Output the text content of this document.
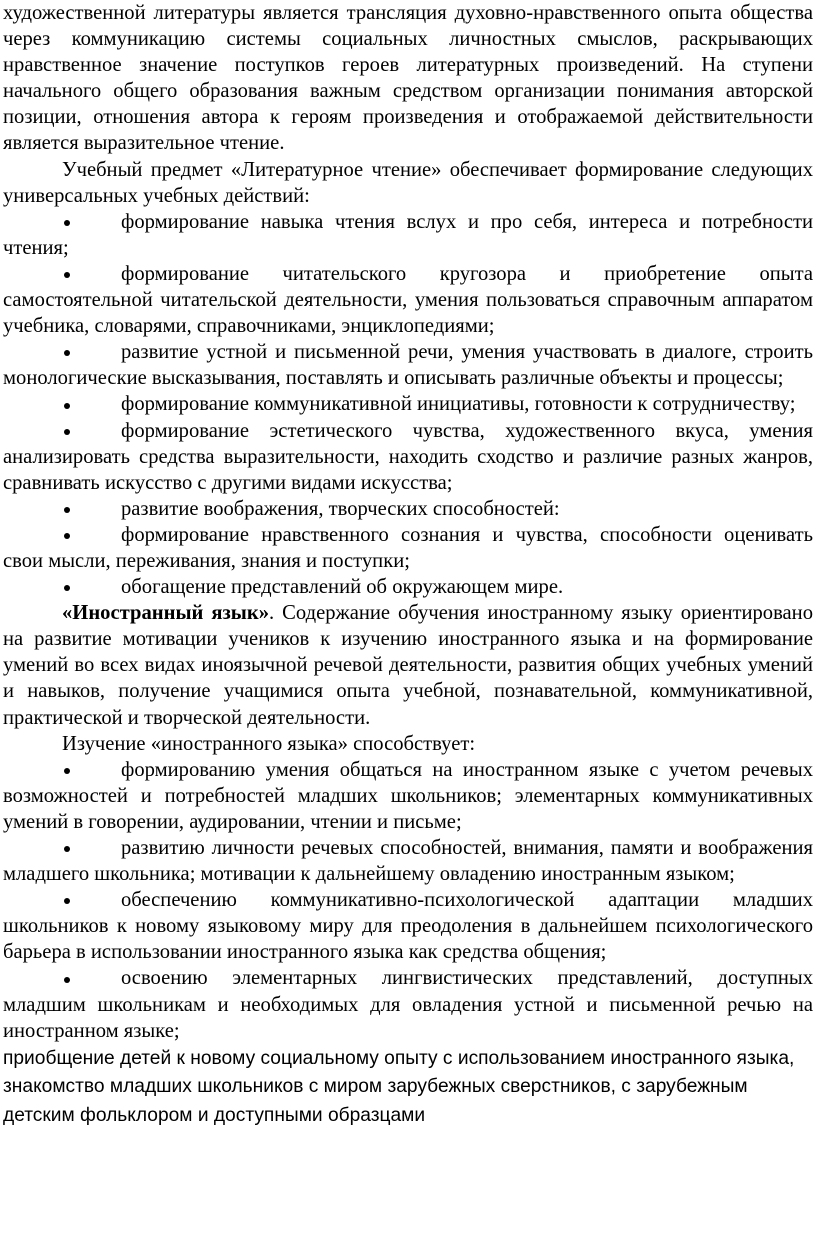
художественной литературы является трансляция духовно-нравственного опыта общества через коммуникацию системы социальных личностных смыслов, раскрывающих нравственное значение поступков героев литературных произведений. На ступени начального общего образования важным средством организации понимания авторской позиции, отношения автора к героям произведения и отображаемой действительности является выразительное чтение.

Учебный предмет «Литературное чтение» обеспечивает формирование следующих универсальных учебных действий:

формирование навыка чтения вслух и про себя, интереса и потребности чтения;

формирование читательского кругозора и приобретение опыта самостоятельной читательской деятельности, умения пользоваться справочным аппаратом учебника, словарями, справочниками, энциклопедиями;

развитие устной и письменной речи, умения участвовать в диалоге, строить монологические высказывания, поставлять и описывать различные объекты и процессы;

формирование коммуникативной инициативы, готовности к сотрудничеству;

формирование эстетического чувства, художественного вкуса, умения анализировать средства выразительности, находить сходство и различие разных жанров, сравнивать искусство с другими видами искусства;

развитие воображения, творческих способностей:

формирование нравственного сознания и чувства, способности оценивать свои мысли, переживания, знания и поступки;

обогащение представлений об окружающем мире.

«Иностранный язык». Содержание обучения иностранному языку ориентировано на развитие мотивации учеников к изучению иностранного языка и на формирование умений во всех видах иноязычной речевой деятельности, развития общих учебных умений и навыков, получение учащимися опыта учебной, познавательной, коммуникативной, практической и творческой деятельности.

Изучение «иностранного языка» способствует:

формированию умения общаться на иностранном языке с учетом речевых возможностей и потребностей младших школьников; элементарных коммуникативных умений в говорении, аудировании, чтении и письме;

развитию личности речевых способностей, внимания, памяти и воображения младшего школьника; мотивации к дальнейшему овладению иностранным языком;

обеспечению коммуникативно-психологической адаптации младших школьников к новому языковому миру для преодоления в дальнейшем психологического барьера в использовании иностранного языка как средства общения;

освоению элементарных лингвистических представлений, доступных младшим школьникам и необходимых для овладения устной и письменной речью на иностранном языке;

приобщение детей к новому социальному опыту с использованием иностранного языка, знакомство младших школьников с миром зарубежных сверстников, с зарубежным детским фольклором и доступными образцами
